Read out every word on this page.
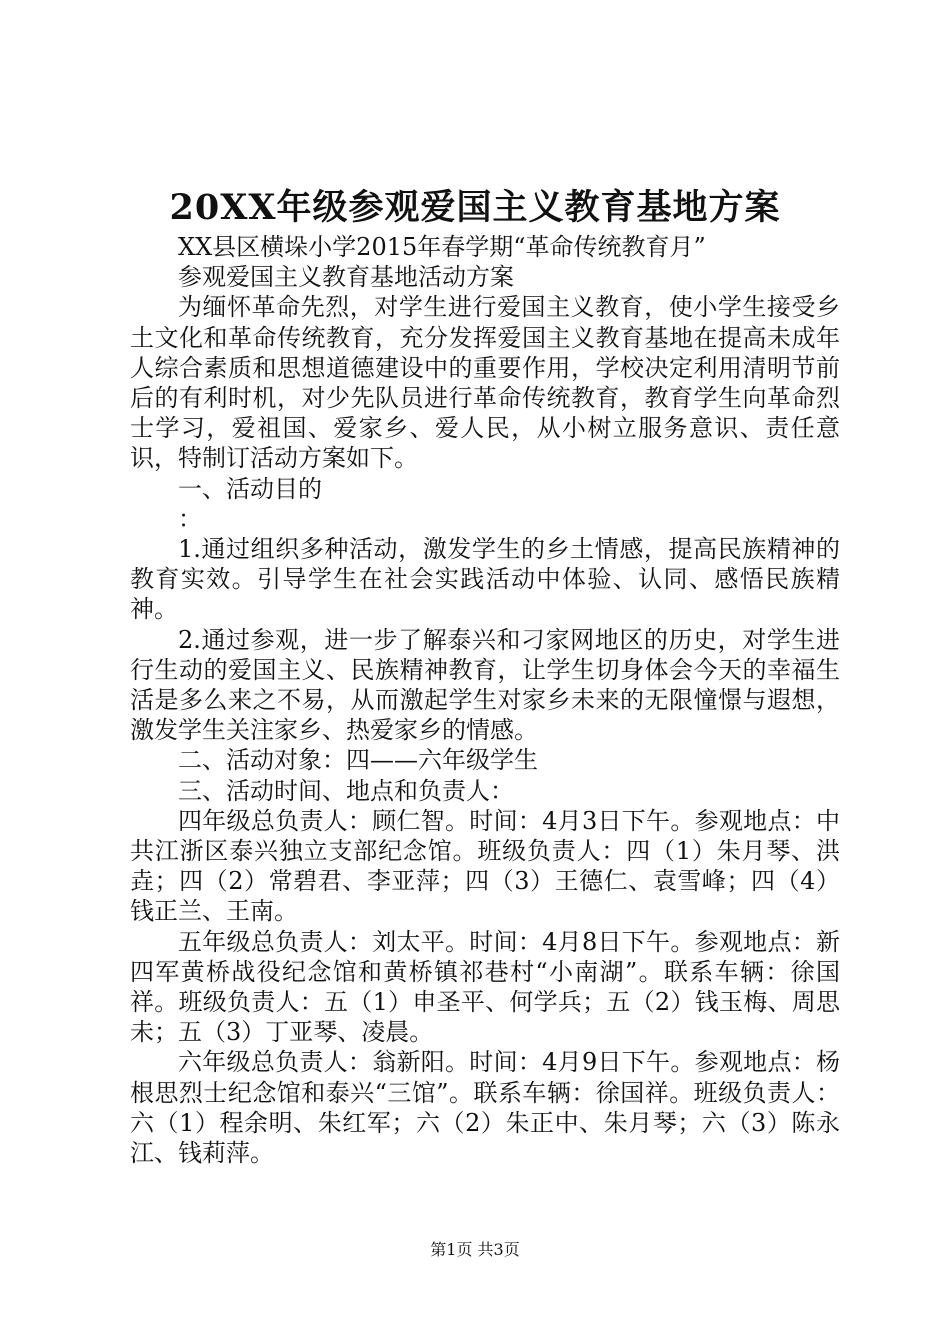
20XX年级参观爱国主义教育基地方案

XX县区横垛小学2015年春学期“革命传统教育月”

参观爱国主义教育基地活动方案

为缅怀革命先烈，对学生进行爱国主义教育，使小学生接受乡土文化和革命传统教育，充分发挥爱国主义教育基地在提高未成年人综合素质和思想道德建设中的重要作用，学校决定利用清明节前后的有利时机，对少先队员进行革命传统教育，教育学生向革命烈士学习，爱祖国、爱家乡、爱人民，从小树立服务意识、责任意识，特制订活动方案如下。

一、活动目的

：

1.通过组织多种活动，激发学生的乡土情感，提高民族精神的教育实效。引导学生在社会实践活动中体验、认同、感悟民族精神。

2.通过参观，进一步了解泰兴和刁家网地区的历史，对学生进行生动的爱国主义、民族精神教育，让学生切身体会今天的幸福生活是多么来之不易，从而激起学生对家乡未来的无限憧憬与遐想，激发学生关注家乡、热爱家乡的情感。

二、活动对象：四——六年级学生

三、活动时间、地点和负责人：

四年级总负责人：顾仁智。时间：4月3日下午。参观地点：中共江浙区泰兴独立支部纪念馆。班级负责人：四（1）朱月琴、洪垚；四（2）常碧君、李亚萍；四（3）王德仁、袁雪峰；四（4）钱正兰、王南。

五年级总负责人：刘太平。时间：4月8日下午。参观地点：新四军黄桥战役纪念馆和黄桥镇祁巷村“小南湖”。联系车辆：徐国祥。班级负责人：五（1）申圣平、何学兵；五（2）钱玉梅、周思未；五（3）丁亚琴、凌晨。

六年级总负责人：翁新阳。时间：4月9日下午。参观地点：杨根思烈士纪念馆和泰兴“三馆”。联系车辆：徐国祥。班级负责人：六（1）程余明、朱红军；六（2）朱正中、朱月琴；六（3）陈永江、钱莉萍。

第1页 共3页
